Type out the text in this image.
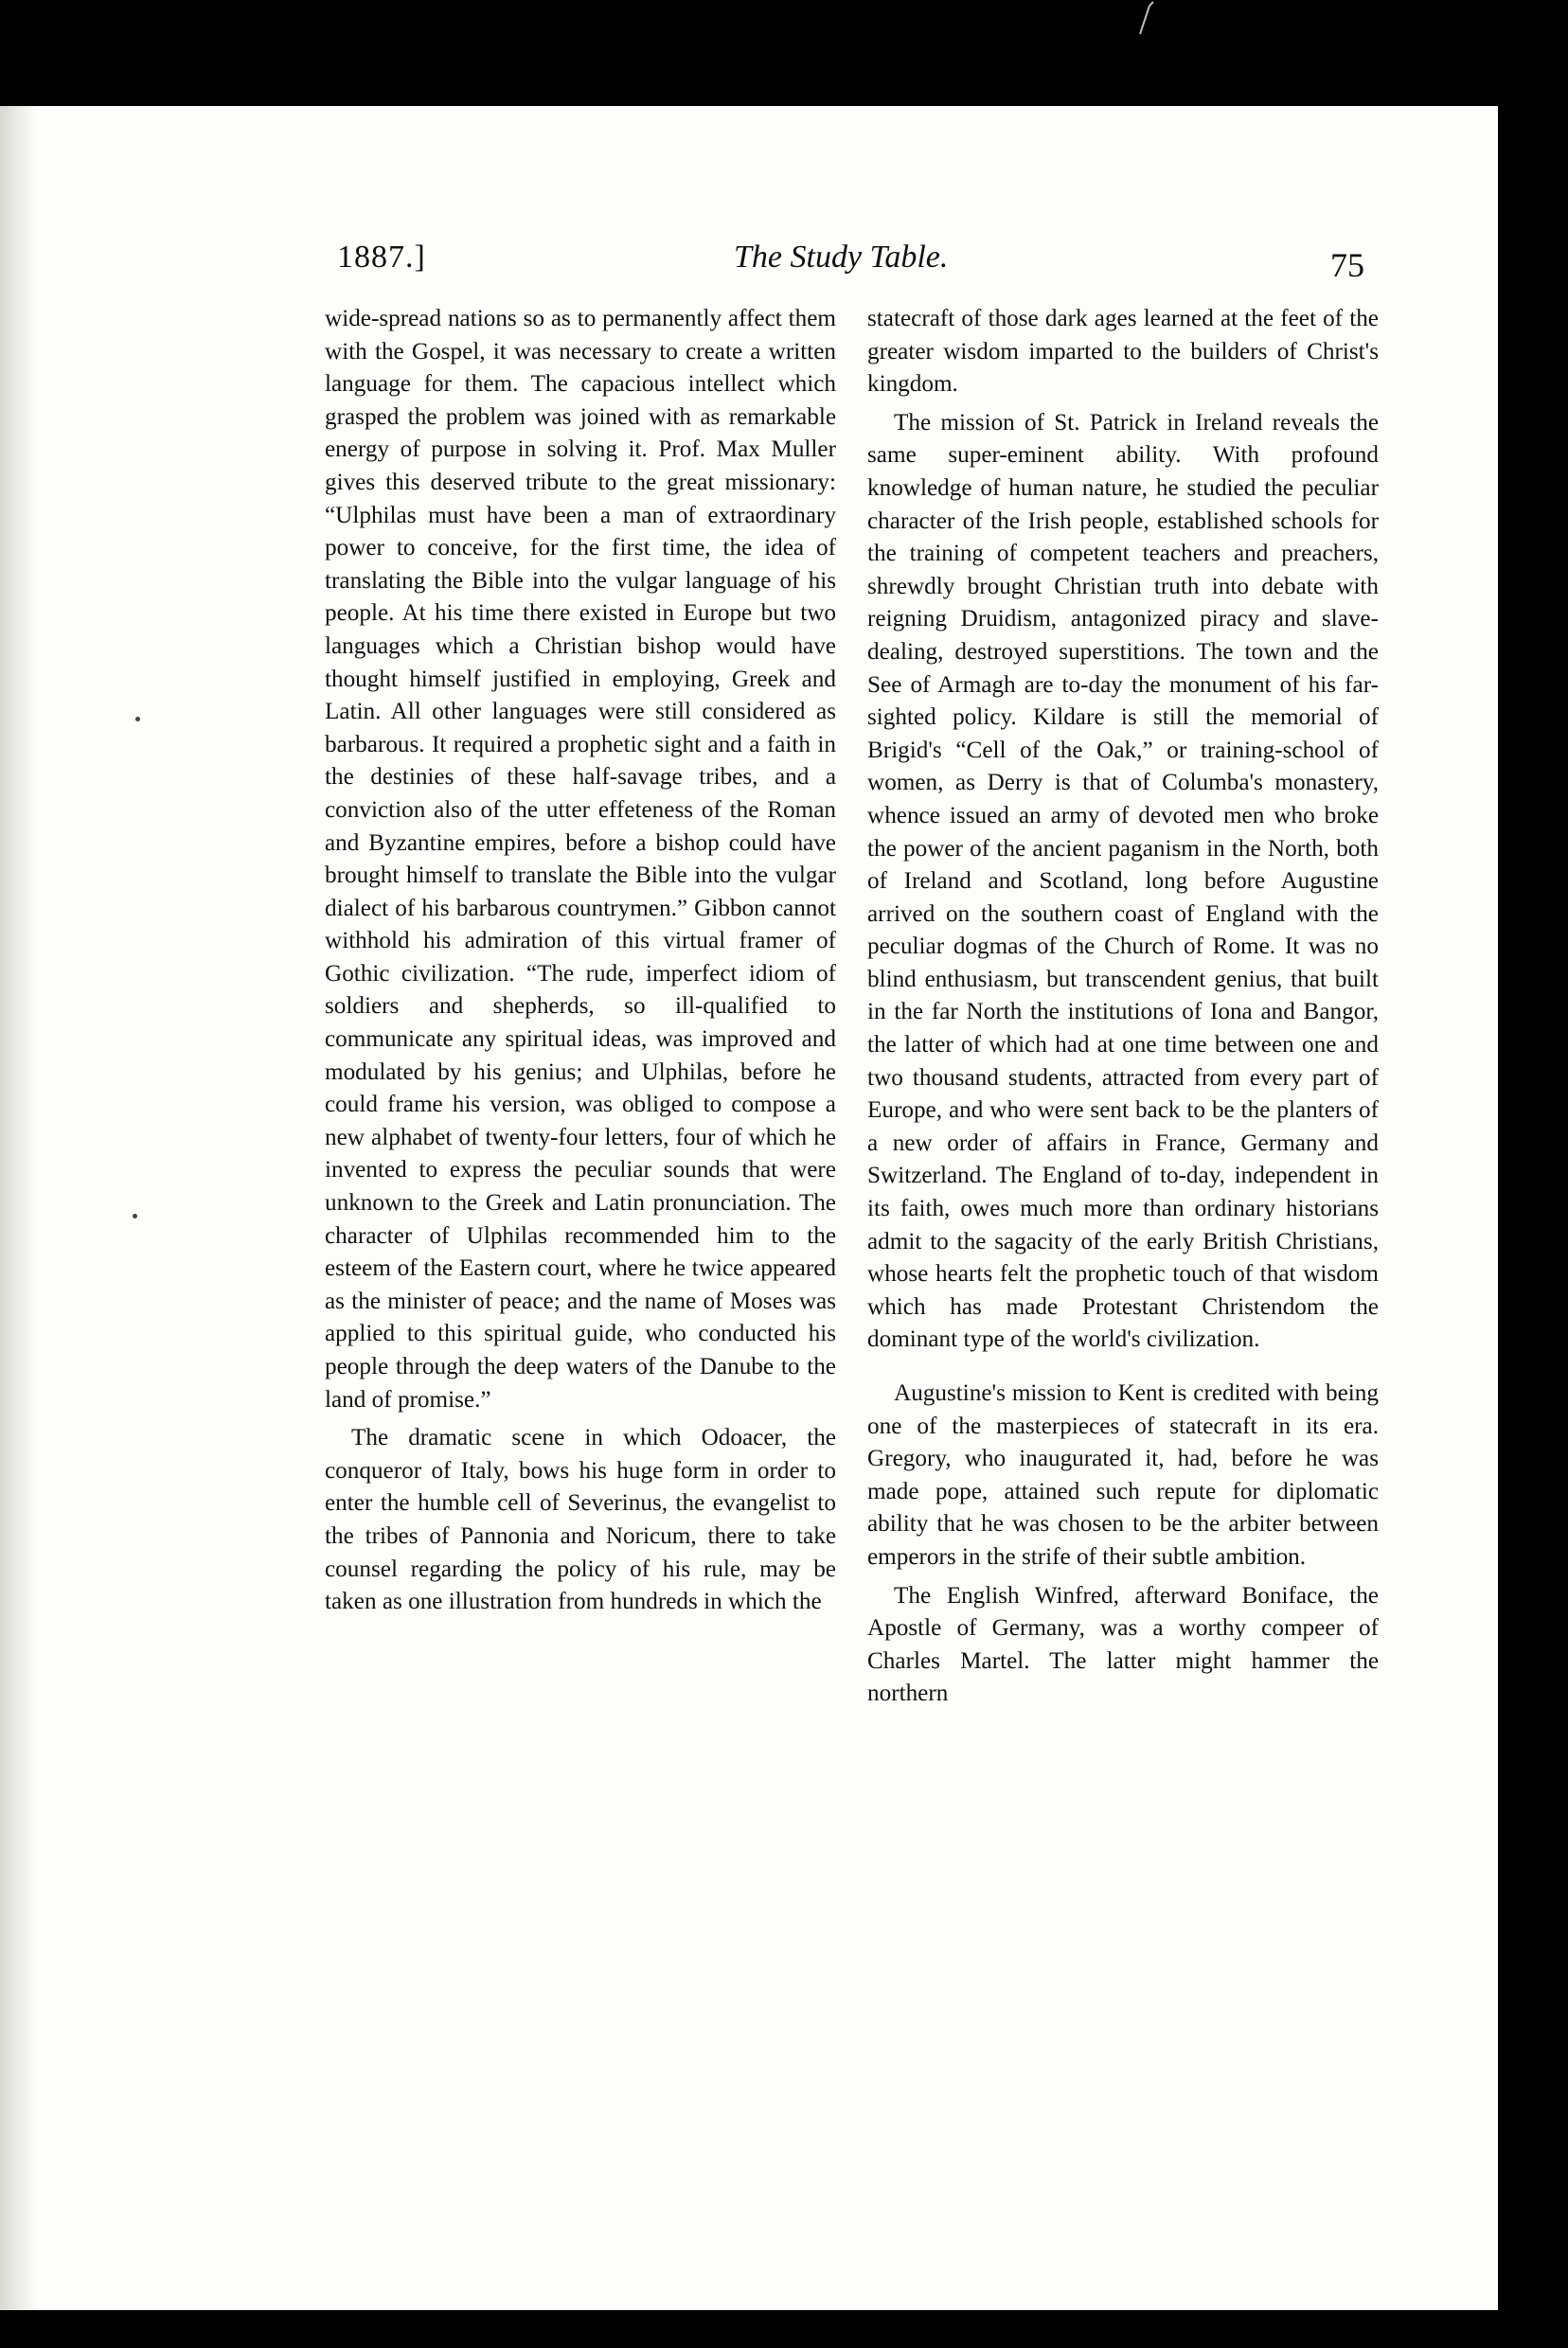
1887.]	The Study Table.	75

wide-spread nations so as to permanently affect them with the Gospel, it was necessary to create a written language for them. The capacious intellect which grasped the problem was joined with as remarkable energy of purpose in solving it. Prof. Max Muller gives this deserved tribute to the great missionary: “Ulphilas must have been a man of extraordinary power to conceive, for the first time, the idea of translating the Bible into the vulgar language of his people. At his time there existed in Europe but two languages which a Christian bishop would have thought himself justified in employing, Greek and Latin. All other languages were still considered as barbarous. It required a prophetic sight and a faith in the destinies of these half-savage tribes, and a conviction also of the utter effeteness of the Roman and Byzantine empires, before a bishop could have brought himself to translate the Bible into the vulgar dialect of his barbarous countrymen.” Gibbon cannot withhold his admiration of this virtual framer of Gothic civilization. “The rude, imperfect idiom of soldiers and shepherds, so ill-qualified to communicate any spiritual ideas, was improved and modulated by his genius; and Ulphilas, before he could frame his version, was obliged to compose a new alphabet of twenty-four letters, four of which he invented to express the peculiar sounds that were unknown to the Greek and Latin pronunciation. The character of Ulphilas recommended him to the esteem of the Eastern court, where he twice appeared as the minister of peace; and the name of Moses was applied to this spiritual guide, who conducted his people through the deep waters of the Danube to the land of promise.”

The dramatic scene in which Odoacer, the conqueror of Italy, bows his huge form in order to enter the humble cell of Severinus, the evangelist to the tribes of Pannonia and Noricum, there to take counsel regarding the policy of his rule, may be taken as one illustration from hundreds in which the

statecraft of those dark ages learned at the feet of the greater wisdom imparted to the builders of Christ's kingdom.

The mission of St. Patrick in Ireland reveals the same super-eminent ability. With profound knowledge of human nature, he studied the peculiar character of the Irish people, established schools for the training of competent teachers and preachers, shrewdly brought Christian truth into debate with reigning Druidism, antagonized piracy and slave-dealing, destroyed superstitions. The town and the See of Armagh are to-day the monument of his far-sighted policy. Kildare is still the memorial of Brigid's “Cell of the Oak,” or training-school of women, as Derry is that of Columba's monastery, whence issued an army of devoted men who broke the power of the ancient paganism in the North, both of Ireland and Scotland, long before Augustine arrived on the southern coast of England with the peculiar dogmas of the Church of Rome. It was no blind enthusiasm, but transcendent genius, that built in the far North the institutions of Iona and Bangor, the latter of which had at one time between one and two thousand students, attracted from every part of Europe, and who were sent back to be the planters of a new order of affairs in France, Germany and Switzerland. The England of to-day, independent in its faith, owes much more than ordinary historians admit to the sagacity of the early British Christians, whose hearts felt the prophetic touch of that wisdom which has made Protestant Christendom the dominant type of the world's civilization.

Augustine's mission to Kent is credited with being one of the masterpieces of statecraft in its era. Gregory, who inaugurated it, had, before he was made pope, attained such repute for diplomatic ability that he was chosen to be the arbiter between emperors in the strife of their subtle ambition.

The English Winfred, afterward Boniface, the Apostle of Germany, was a worthy compeer of Charles Martel. The latter might hammer the northern
